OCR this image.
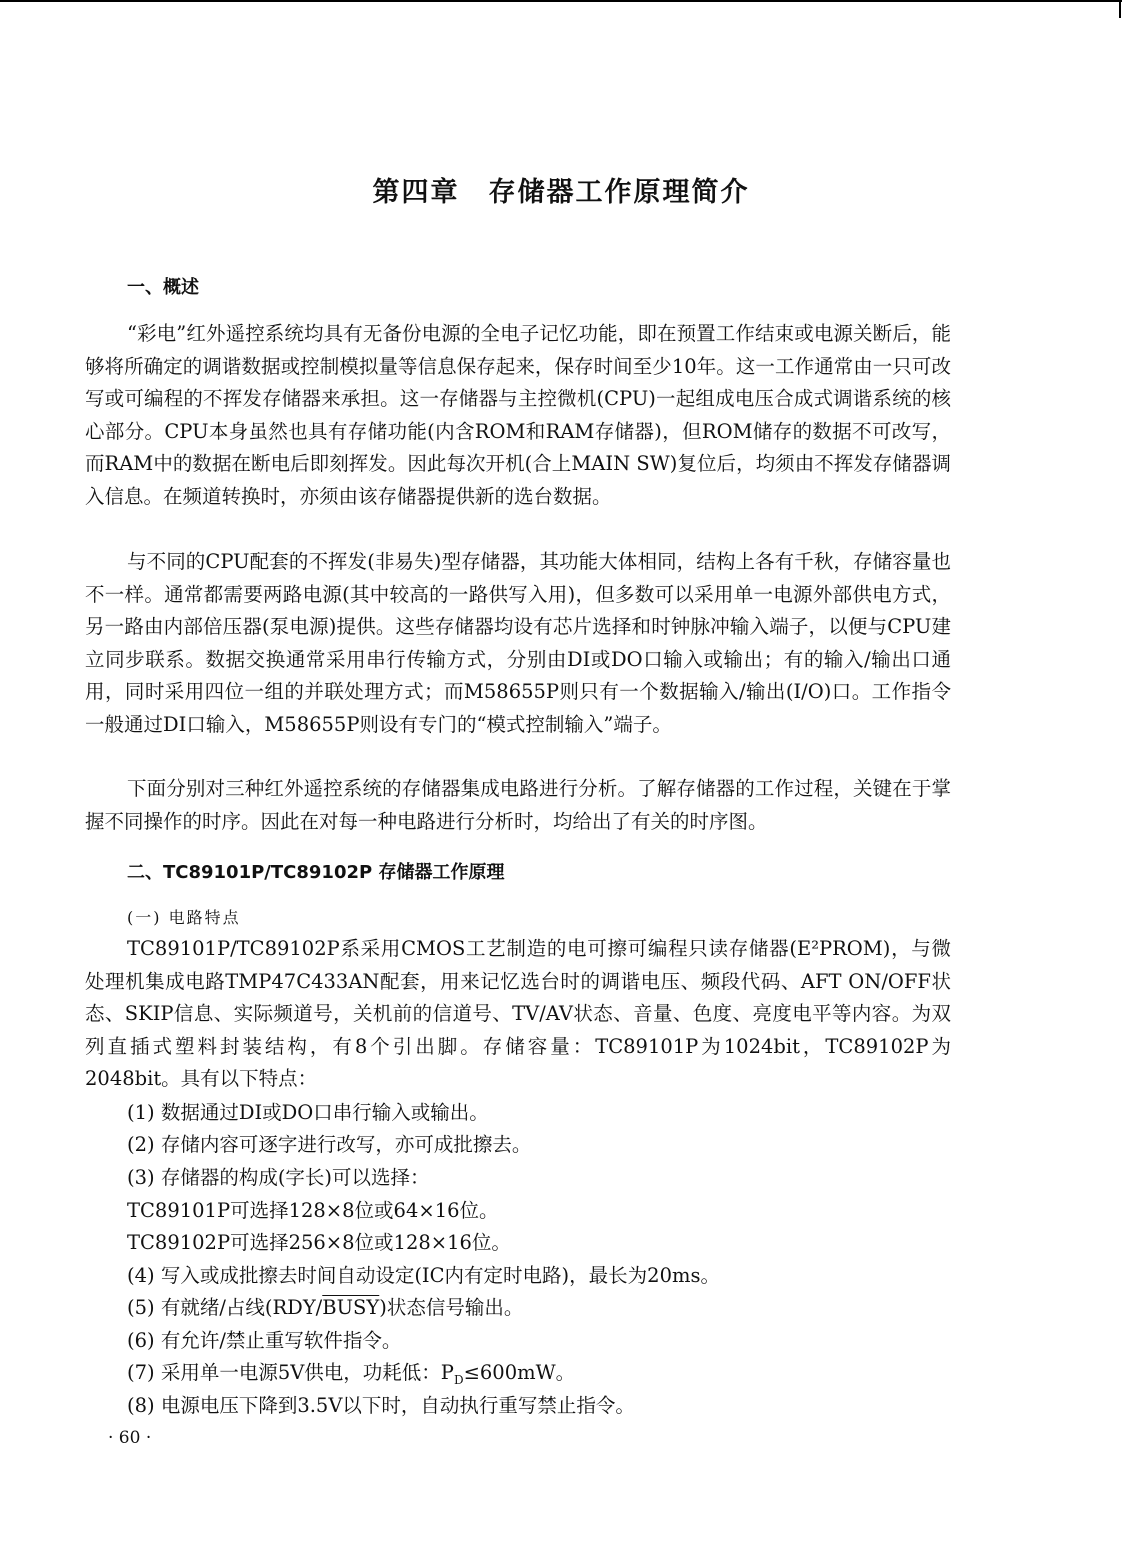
第四章　存储器工作原理简介
一、概述

“彩电”红外遥控系统均具有无备份电源的全电子记忆功能，即在预置工作结束或电源关断后，能够将所确定的调谐数据或控制模拟量等信息保存起来，保存时间至少10年。这一工作通常由一只可改写或可编程的不挥发存储器来承担。这一存储器与主控微机(CPU)一起组成电压合成式调谐系统的核心部分。CPU本身虽然也具有存储功能(内含ROM和RAM存储器)，但ROM储存的数据不可改写，而RAM中的数据在断电后即刻挥发。因此每次开机(合上MAIN SW)复位后，均须由不挥发存储器调入信息。在频道转换时，亦须由该存储器提供新的选台数据。

与不同的CPU配套的不挥发(非易失)型存储器，其功能大体相同，结构上各有千秋，存储容量也不一样。通常都需要两路电源(其中较高的一路供写入用)，但多数可以采用单一电源外部供电方式，另一路由内部倍压器(泵电源)提供。这些存储器均设有芯片选择和时钟脉冲输入端子，以便与CPU建立同步联系。数据交换通常采用串行传输方式，分别由DI或DO口输入或输出；有的输入/输出口通用，同时采用四位一组的并联处理方式；而M58655P则只有一个数据输入/输出(I/O)口。工作指令一般通过DI口输入，M58655P则设有专门的“模式控制输入”端子。

下面分别对三种红外遥控系统的存储器集成电路进行分析。了解存储器的工作过程，关键在于掌握不同操作的时序。因此在对每一种电路进行分析时，均给出了有关的时序图。

二、TC89101P/TC89102P 存储器工作原理
(一) 电路特点

TC89101P/TC89102P系采用CMOS工艺制造的电可擦可编程只读存储器(E²PROM)，与微处理机集成电路TMP47C433AN配套，用来记忆选台时的调谐电压、频段代码、AFT ON/OFF状态、SKIP信息、实际频道号，关机前的信道号、TV/AV状态、音量、色度、亮度电平等内容。为双列直插式塑料封装结构，有8个引出脚。存储容量：TC89101P为1024bit，TC89102P为2048bit。具有以下特点：

(1) 数据通过DI或DO口串行输入或输出。
(2) 存储内容可逐字进行改写，亦可成批擦去。
(3) 存储器的构成(字长)可以选择：
TC89101P可选择128×8位或64×16位。
TC89102P可选择256×8位或128×16位。
(4) 写入或成批擦去时间自动设定(IC内有定时电路)，最长为20ms。
(5) 有就绪/占线(RDY/BUSY)状态信号输出。
(6) 有允许/禁止重写软件指令。
(7) 采用单一电源5V供电，功耗低：$P_D\le 600mW$。
(8) 电源电压下降到3.5V以下时，自动执行重写禁止指令。
· 60 ·
